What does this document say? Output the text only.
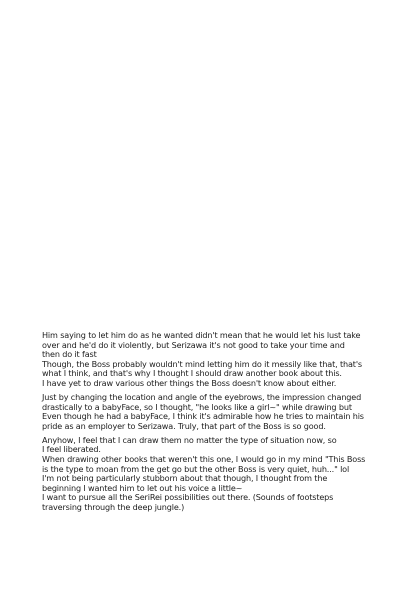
Him saying to let him do as he wanted didn't mean that he would let his lust take
over and he'd do it violently, but Serizawa it's not good to take your time and
then do it fast
Though, the Boss probably wouldn't mind letting him do it messily like that, that's
what I think, and that's why I thought I should draw another book about this.
I have yet to draw various other things the Boss doesn't know about either.

Just by changing the location and angle of the eyebrows, the impression changed
drastically to a babyFace, so I thought, "he looks like a girl~" while drawing but
Even though he had a babyFace, I think it's admirable how he tries to maintain his
pride as an employer to Serizawa. Truly, that part of the Boss is so good.

Anyhow, I feel that I can draw them no matter the type of situation now, so
I feel liberated.
When drawing other books that weren't this one, I would go in my mind "This Boss
is the type to moan from the get go but the other Boss is very quiet, huh..." lol
I'm not being particularly stubborn about that though, I thought from the
beginning I wanted him to let out his voice a little~
I want to pursue all the SeriRei possibilities out there. (Sounds of footsteps
traversing through the deep jungle.)
